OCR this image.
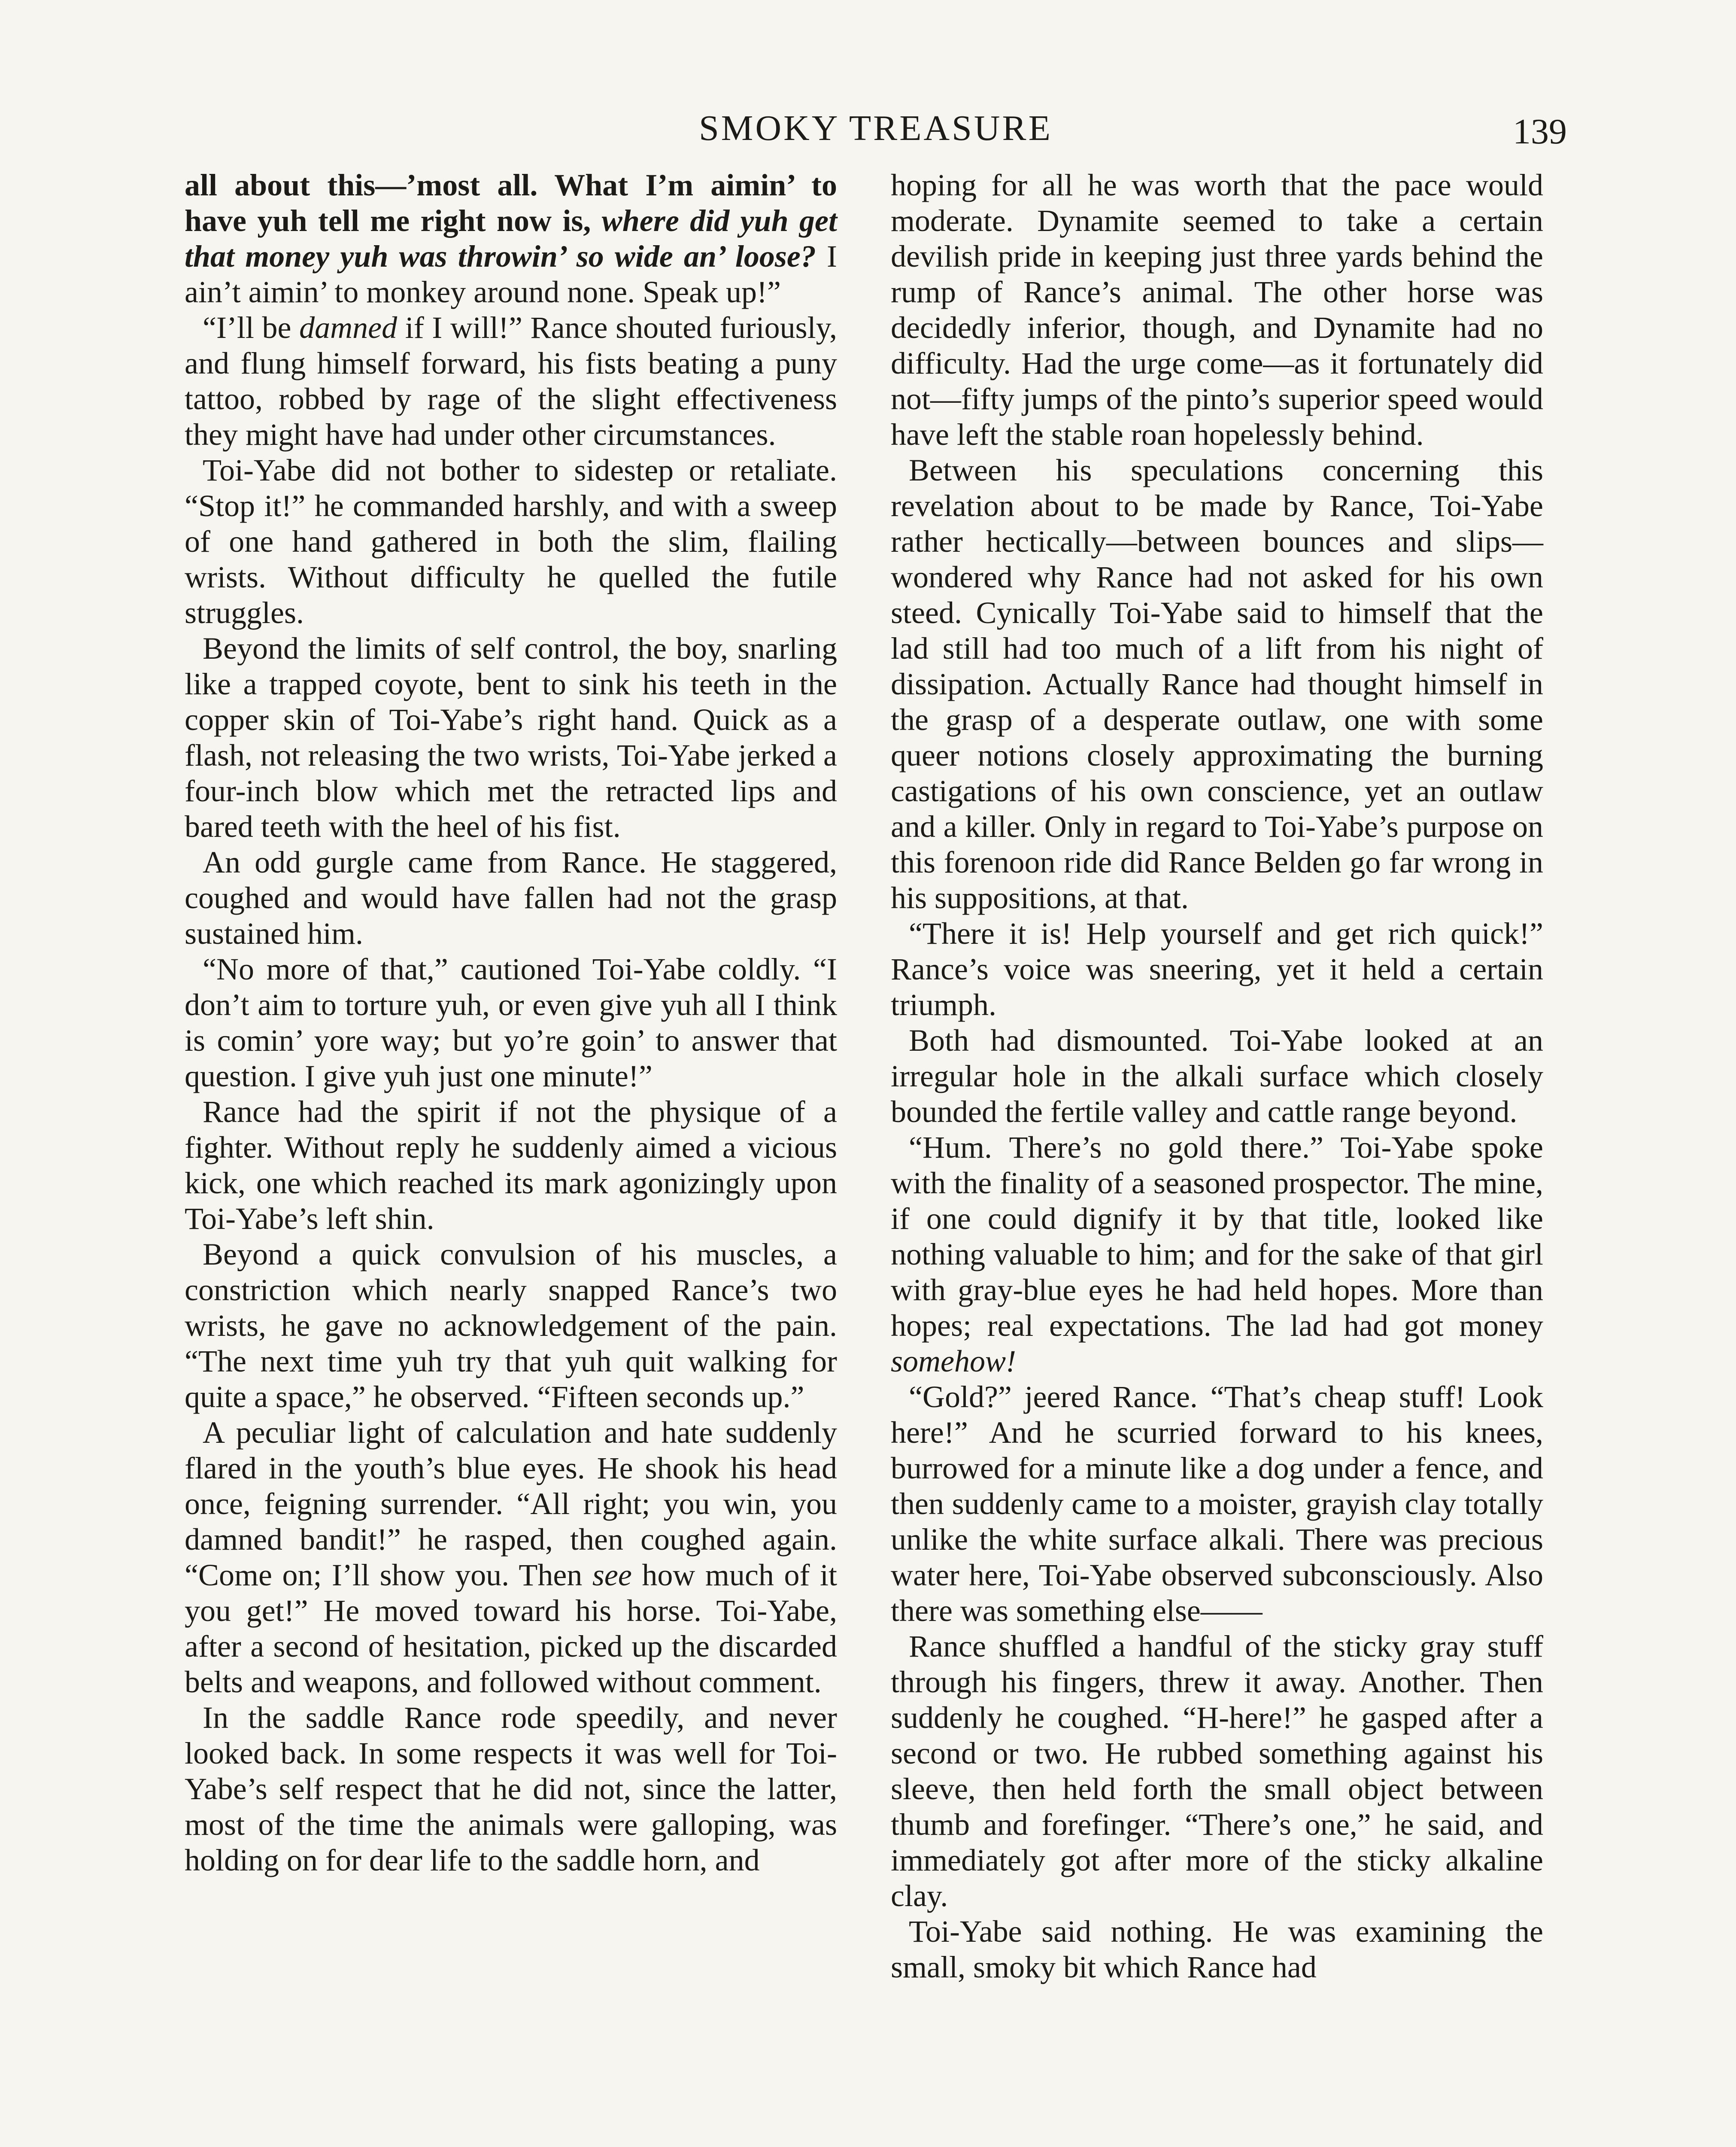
SMOKY TREASURE	139

all about this—’most all. What I’m aimin’ to have yuh tell me right now is, where did yuh get that money yuh was throwin’ so wide an’ loose? I ain’t aimin’ to monkey around none. Speak up!”

“I’ll be damned if I will!” Rance shouted furiously, and flung himself forward, his fists beating a puny tattoo, robbed by rage of the slight effectiveness they might have had under other circumstances.

Toi-Yabe did not bother to sidestep or retaliate. “Stop it!” he commanded harshly, and with a sweep of one hand gathered in both the slim, flailing wrists. Without difficulty he quelled the futile struggles.

Beyond the limits of self control, the boy, snarling like a trapped coyote, bent to sink his teeth in the copper skin of Toi-Yabe’s right hand. Quick as a flash, not releasing the two wrists, Toi-Yabe jerked a four-inch blow which met the retracted lips and bared teeth with the heel of his fist.

An odd gurgle came from Rance. He staggered, coughed and would have fallen had not the grasp sustained him.

“No more of that,” cautioned Toi-Yabe coldly. “I don’t aim to torture yuh, or even give yuh all I think is comin’ yore way; but yo’re goin’ to answer that question. I give yuh just one minute!”

Rance had the spirit if not the physique of a fighter. Without reply he suddenly aimed a vicious kick, one which reached its mark agonizingly upon Toi-Yabe’s left shin.

Beyond a quick convulsion of his muscles, a constriction which nearly snapped Rance’s two wrists, he gave no acknowledgement of the pain. “The next time yuh try that yuh quit walking for quite a space,” he observed. “Fifteen seconds up.”

A peculiar light of calculation and hate suddenly flared in the youth’s blue eyes. He shook his head once, feigning surrender. “All right; you win, you damned bandit!” he rasped, then coughed again. “Come on; I’ll show you. Then see how much of it you get!” He moved toward his horse. Toi-Yabe, after a second of hesitation, picked up the discarded belts and weapons, and followed without comment.

In the saddle Rance rode speedily, and never looked back. In some respects it was well for Toi-Yabe’s self respect that he did not, since the latter, most of the time the animals were galloping, was holding on for dear life to the saddle horn, and

hoping for all he was worth that the pace would moderate. Dynamite seemed to take a certain devilish pride in keeping just three yards behind the rump of Rance’s animal. The other horse was decidedly inferior, though, and Dynamite had no difficulty. Had the urge come—as it fortunately did not—fifty jumps of the pinto’s superior speed would have left the stable roan hopelessly behind.

Between his speculations concerning this revelation about to be made by Rance, Toi-Yabe rather hectically—between bounces and slips—wondered why Rance had not asked for his own steed. Cynically Toi-Yabe said to himself that the lad still had too much of a lift from his night of dissipation. Actually Rance had thought himself in the grasp of a desperate outlaw, one with some queer notions closely approximating the burning castigations of his own conscience, yet an outlaw and a killer. Only in regard to Toi-Yabe’s purpose on this forenoon ride did Rance Belden go far wrong in his suppositions, at that.

“There it is! Help yourself and get rich quick!” Rance’s voice was sneering, yet it held a certain triumph.

Both had dismounted. Toi-Yabe looked at an irregular hole in the alkali surface which closely bounded the fertile valley and cattle range beyond.

“Hum. There’s no gold there.” Toi-Yabe spoke with the finality of a seasoned prospector. The mine, if one could dignify it by that title, looked like nothing valuable to him; and for the sake of that girl with gray-blue eyes he had held hopes. More than hopes; real expectations. The lad had got money somehow!

“Gold?” jeered Rance. “That’s cheap stuff! Look here!” And he scurried forward to his knees, burrowed for a minute like a dog under a fence, and then suddenly came to a moister, grayish clay totally unlike the white surface alkali. There was precious water here, Toi-Yabe observed subconsciously. Also there was something else——

Rance shuffled a handful of the sticky gray stuff through his fingers, threw it away. Another. Then suddenly he coughed. “H-here!” he gasped after a second or two. He rubbed something against his sleeve, then held forth the small object between thumb and forefinger. “There’s one,” he said, and immediately got after more of the sticky alkaline clay.

Toi-Yabe said nothing. He was examining the small, smoky bit which Rance had
